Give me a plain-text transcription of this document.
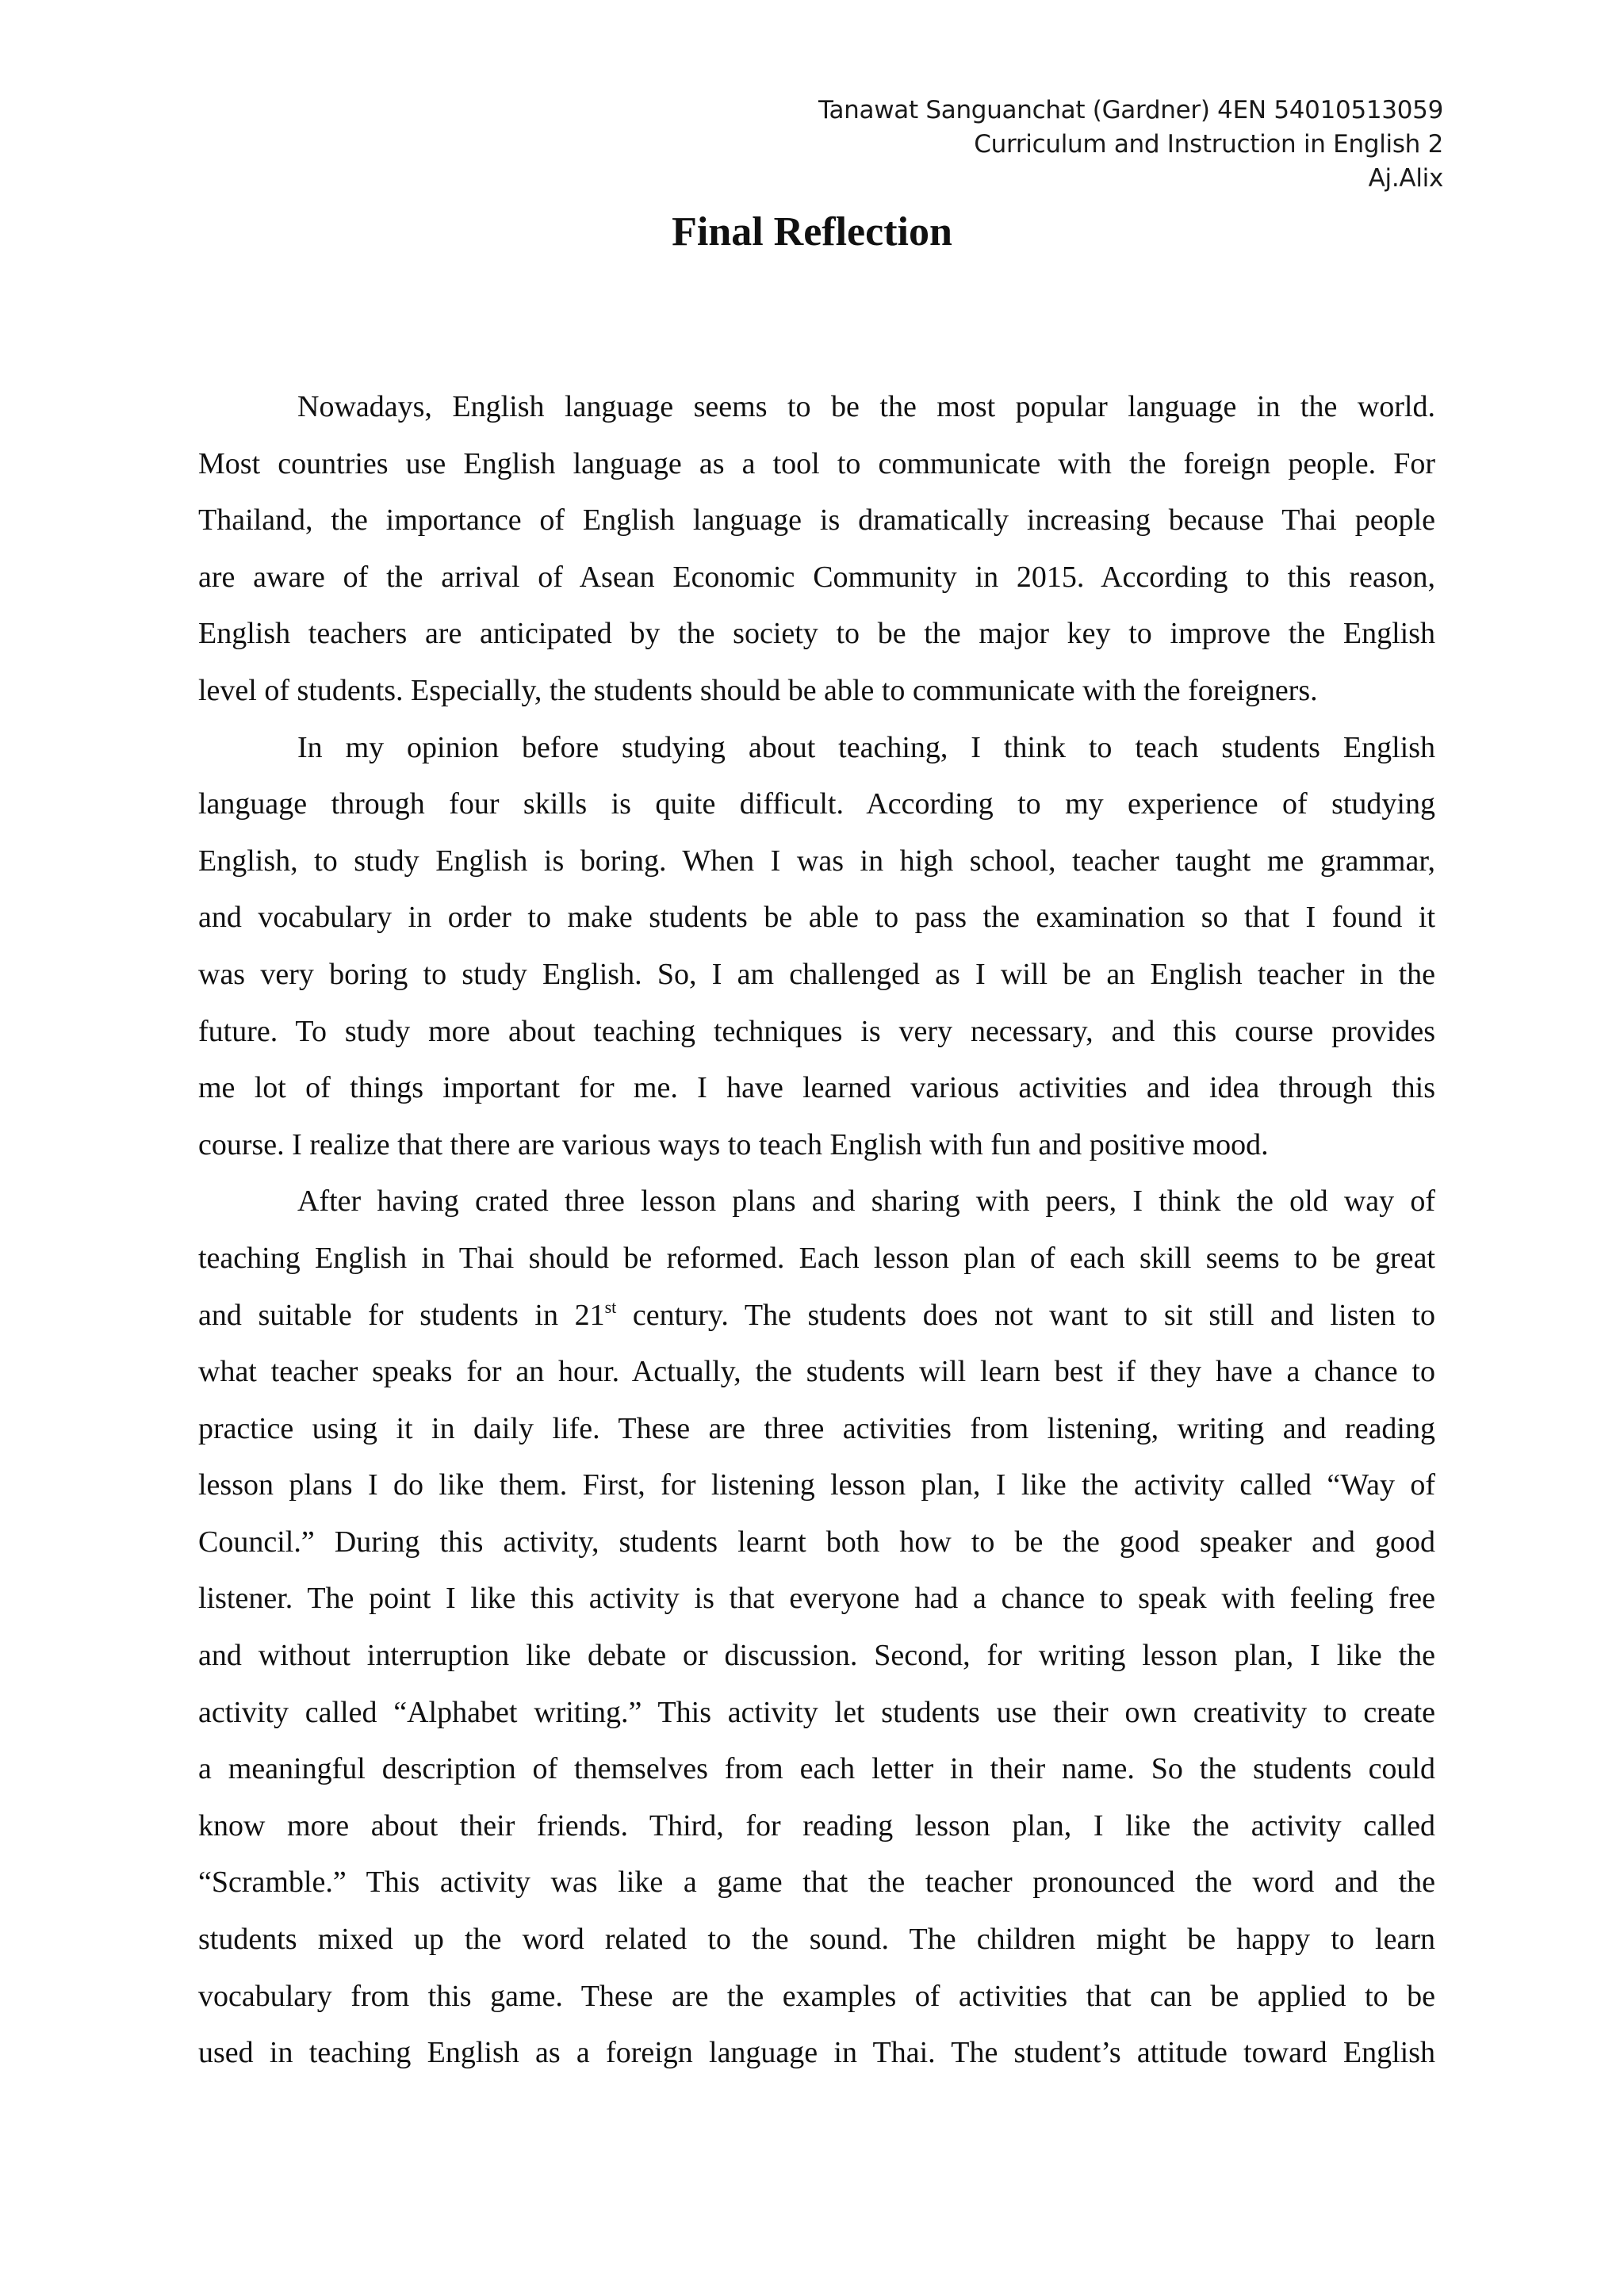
Tanawat Sanguanchat (Gardner) 4EN 54010513059
Curriculum and Instruction in English 2
Aj.Alix
Final Reflection
Nowadays, English language seems to be the most popular language in the world.
Most countries use English language as a tool to communicate with the foreign people. For
Thailand, the importance of English language is dramatically increasing because Thai people
are aware of the arrival of Asean Economic Community in 2015. According to this reason,
English teachers are anticipated by the society to be the major key to improve the English
level of students. Especially, the students should be able to communicate with the foreigners.
In my opinion before studying about teaching, I think to teach students English
language through four skills is quite difficult. According to my experience of studying
English, to study English is boring. When I was in high school, teacher taught me grammar,
and vocabulary in order to make students be able to pass the examination so that I found it
was very boring to study English. So, I am challenged as I will be an English teacher in the
future. To study more about teaching techniques is very necessary, and this course provides
me lot of things important for me. I have learned various activities and idea through this
course. I realize that there are various ways to teach English with fun and positive mood.
After having crated three lesson plans and sharing with peers, I think the old way of
teaching English in Thai should be reformed. Each lesson plan of each skill seems to be great
and suitable for students in 21st century. The students does not want to sit still and listen to
what teacher speaks for an hour. Actually, the students will learn best if they have a chance to
practice using it in daily life. These are three activities from listening, writing and reading
lesson plans I do like them. First, for listening lesson plan, I like the activity called “Way of
Council.” During this activity, students learnt both how to be the good speaker and good
listener. The point I like this activity is that everyone had a chance to speak with feeling free
and without interruption like debate or discussion. Second, for writing lesson plan, I like the
activity called “Alphabet writing.” This activity let students use their own creativity to create
a meaningful description of themselves from each letter in their name. So the students could
know more about their friends. Third, for reading lesson plan, I like the activity called
“Scramble.” This activity was like a game that the teacher pronounced the word and the
students mixed up the word related to the sound. The children might be happy to learn
vocabulary from this game. These are the examples of activities that can be applied to be
used in teaching English as a foreign language in Thai. The student’s attitude toward English
